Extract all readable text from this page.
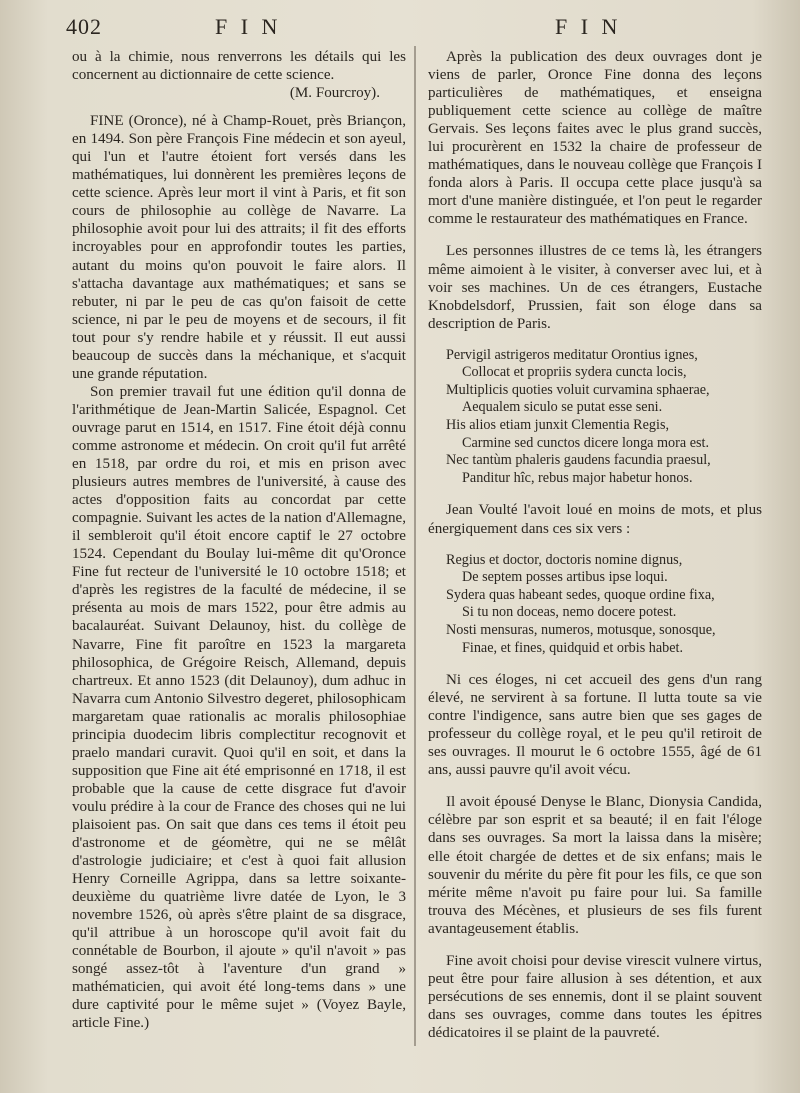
402	F I N	F I N

ou à la chimie, nous renverrons les détails qui les concernent au dictionnaire de cette science.

(M. Fourcroy).

FINE (Oronce), né à Champ-Rouet, près Briançon, en 1494. Son père François Fine médecin et son ayeul, qui l'un et l'autre étoient fort versés dans les mathématiques, lui donnèrent les premières leçons de cette science. Après leur mort il vint à Paris, et fit son cours de philosophie au collège de Navarre. La philosophie avoit pour lui des attraits; il fit des efforts incroyables pour en approfondir toutes les parties, autant du moins qu'on pouvoit le faire alors. Il s'attacha davantage aux mathématiques; et sans se rebuter, ni par le peu de cas qu'on faisoit de cette science, ni par le peu de moyens et de secours, il fit tout pour s'y rendre habile et y réussit. Il eut aussi beaucoup de succès dans la méchanique, et s'acquit une grande réputation.

Son premier travail fut une édition qu'il donna de l'arithmétique de Jean-Martin Salicée, Espagnol. Cet ouvrage parut en 1514, en 1517. Fine étoit déjà connu comme astronome et médecin. On croit qu'il fut arrêté en 1518, par ordre du roi, et mis en prison avec plusieurs autres membres de l'université, à cause des actes d'opposition faits au concordat par cette compagnie. Suivant les actes de la nation d'Allemagne, il sembleroit qu'il étoit encore captif le 27 octobre 1524. Cependant du Boulay lui-même dit qu'Oronce Fine fut recteur de l'université le 10 octobre 1518; et d'après les registres de la faculté de médecine, il se présenta au mois de mars 1522, pour être admis au bacalauréat. Suivant Delaunoy, hist. du collège de Navarre, Fine fit paroître en 1523 la margareta philosophica, de Grégoire Reisch, Allemand, depuis chartreux. Et anno 1523 (dit Delaunoy), dum adhuc in Navarra cum Antonio Silvestro degeret, philosophicam margaretam quae rationalis ac moralis philosophiae principia duodecim libris complectitur recognovit et praelo mandari curavit. Quoi qu'il en soit, et dans la supposition que Fine ait été emprisonné en 1718, il est probable que la cause de cette disgrace fut d'avoir voulu prédire à la cour de France des choses qui ne lui plaisoient pas. On sait que dans ces tems il étoit peu d'astronome et de géomètre, qui ne se mêlât d'astrologie judiciaire; et c'est à quoi fait allusion Henry Corneille Agrippa, dans sa lettre soixante-deuxième du quatrième livre datée de Lyon, le 3 novembre 1526, où après s'être plaint de sa disgrace, qu'il attribue à un horoscope qu'il avoit fait du connétable de Bourbon, il ajoute » qu'il n'avoit » pas songé assez-tôt à l'aventure d'un grand » mathématicien, qui avoit été long-tems dans » une dure captivité pour le même sujet » (Voyez Bayle, article Fine.)

Après la publication des deux ouvrages dont je viens de parler, Oronce Fine donna des leçons particulières de mathématiques, et enseigna publiquement cette science au collège de maître Gervais. Ses leçons faites avec le plus grand succès, lui procurèrent en 1532 la chaire de professeur de mathématiques, dans le nouveau collège que François I fonda alors à Paris. Il occupa cette place jusqu'à sa mort d'une manière distinguée, et l'on peut le regarder comme le restaurateur des mathématiques en France.

Les personnes illustres de ce tems là, les étrangers même aimoient à le visiter, à converser avec lui, et à voir ses machines. Un de ces étrangers, Eustache Knobdelsdorf, Prussien, fait son éloge dans sa description de Paris.

Pervigil astrigeros meditatur Orontius ignes,
Collocat et propriis sydera cuncta locis,
Multiplicis quoties voluit curvamina sphaerae,
Aequalem siculo se putat esse seni.
His alios etiam junxit Clementia Regis,
Carmine sed cunctos dicere longa mora est.
Nec tantùm phaleris gaudens facundia praesul,
Panditur hîc, rebus major habetur honos.

Jean Voulté l'avoit loué en moins de mots, et plus énergiquement dans ces six vers :

Regius et doctor, doctoris nomine dignus,
De septem posses artibus ipse loqui.
Sydera quas habeant sedes, quoque ordine fixa,
Si tu non doceas, nemo docere potest.
Nosti mensuras, numeros, motusque, sonosque,
Finae, et fines, quidquid et orbis habet.

Ni ces éloges, ni cet accueil des gens d'un rang élevé, ne servirent à sa fortune. Il lutta toute sa vie contre l'indigence, sans autre bien que ses gages de professeur du collège royal, et le peu qu'il retiroit de ses ouvrages. Il mourut le 6 octobre 1555, âgé de 61 ans, aussi pauvre qu'il avoit vécu.

Il avoit épousé Denyse le Blanc, Dionysia Candida, célèbre par son esprit et sa beauté; il en fait l'éloge dans ses ouvrages. Sa mort la laissa dans la misère; elle étoit chargée de dettes et de six enfans; mais le souvenir du mérite du père fit pour les fils, ce que son mérite même n'avoit pu faire pour lui. Sa famille trouva des Mécènes, et plusieurs de ses fils furent avantageusement établis.

Fine avoit choisi pour devise virescit vulnere virtus, peut être pour faire allusion à ses détention, et aux persécutions de ses ennemis, dont il se plaint souvent dans ses ouvrages, comme dans toutes les épitres dédicatoires il se plaint de la pauvreté.
